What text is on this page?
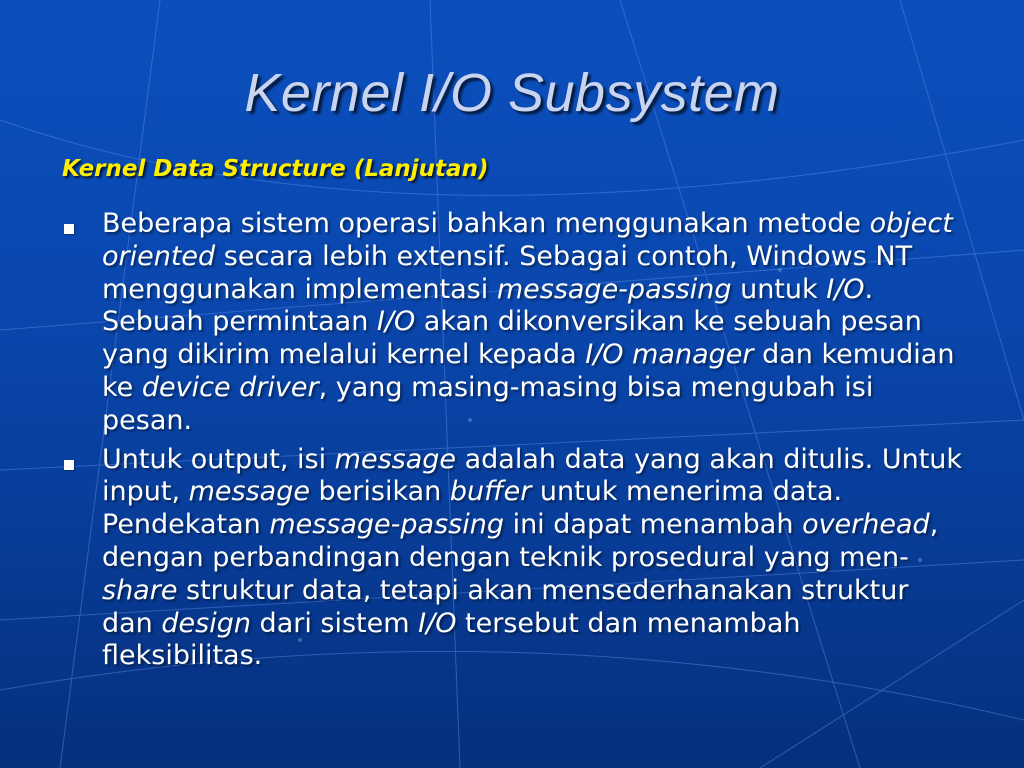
Kernel I/O Subsystem
Kernel Data Structure (Lanjutan)
Beberapa sistem operasi bahkan menggunakan metode object oriented secara lebih extensif. Sebagai contoh, Windows NT menggunakan implementasi message-passing untuk I/O. Sebuah permintaan I/O akan dikonversikan ke sebuah pesan yang dikirim melalui kernel kepada I/O manager dan kemudian ke device driver, yang masing-masing bisa mengubah isi pesan.
Untuk output, isi message adalah data yang akan ditulis. Untuk input, message berisikan buffer untuk menerima data. Pendekatan message-passing ini dapat menambah overhead, dengan perbandingan dengan teknik prosedural yang men-share struktur data, tetapi akan mensederhanakan struktur dan design dari sistem I/O tersebut dan menambah fleksibilitas.
